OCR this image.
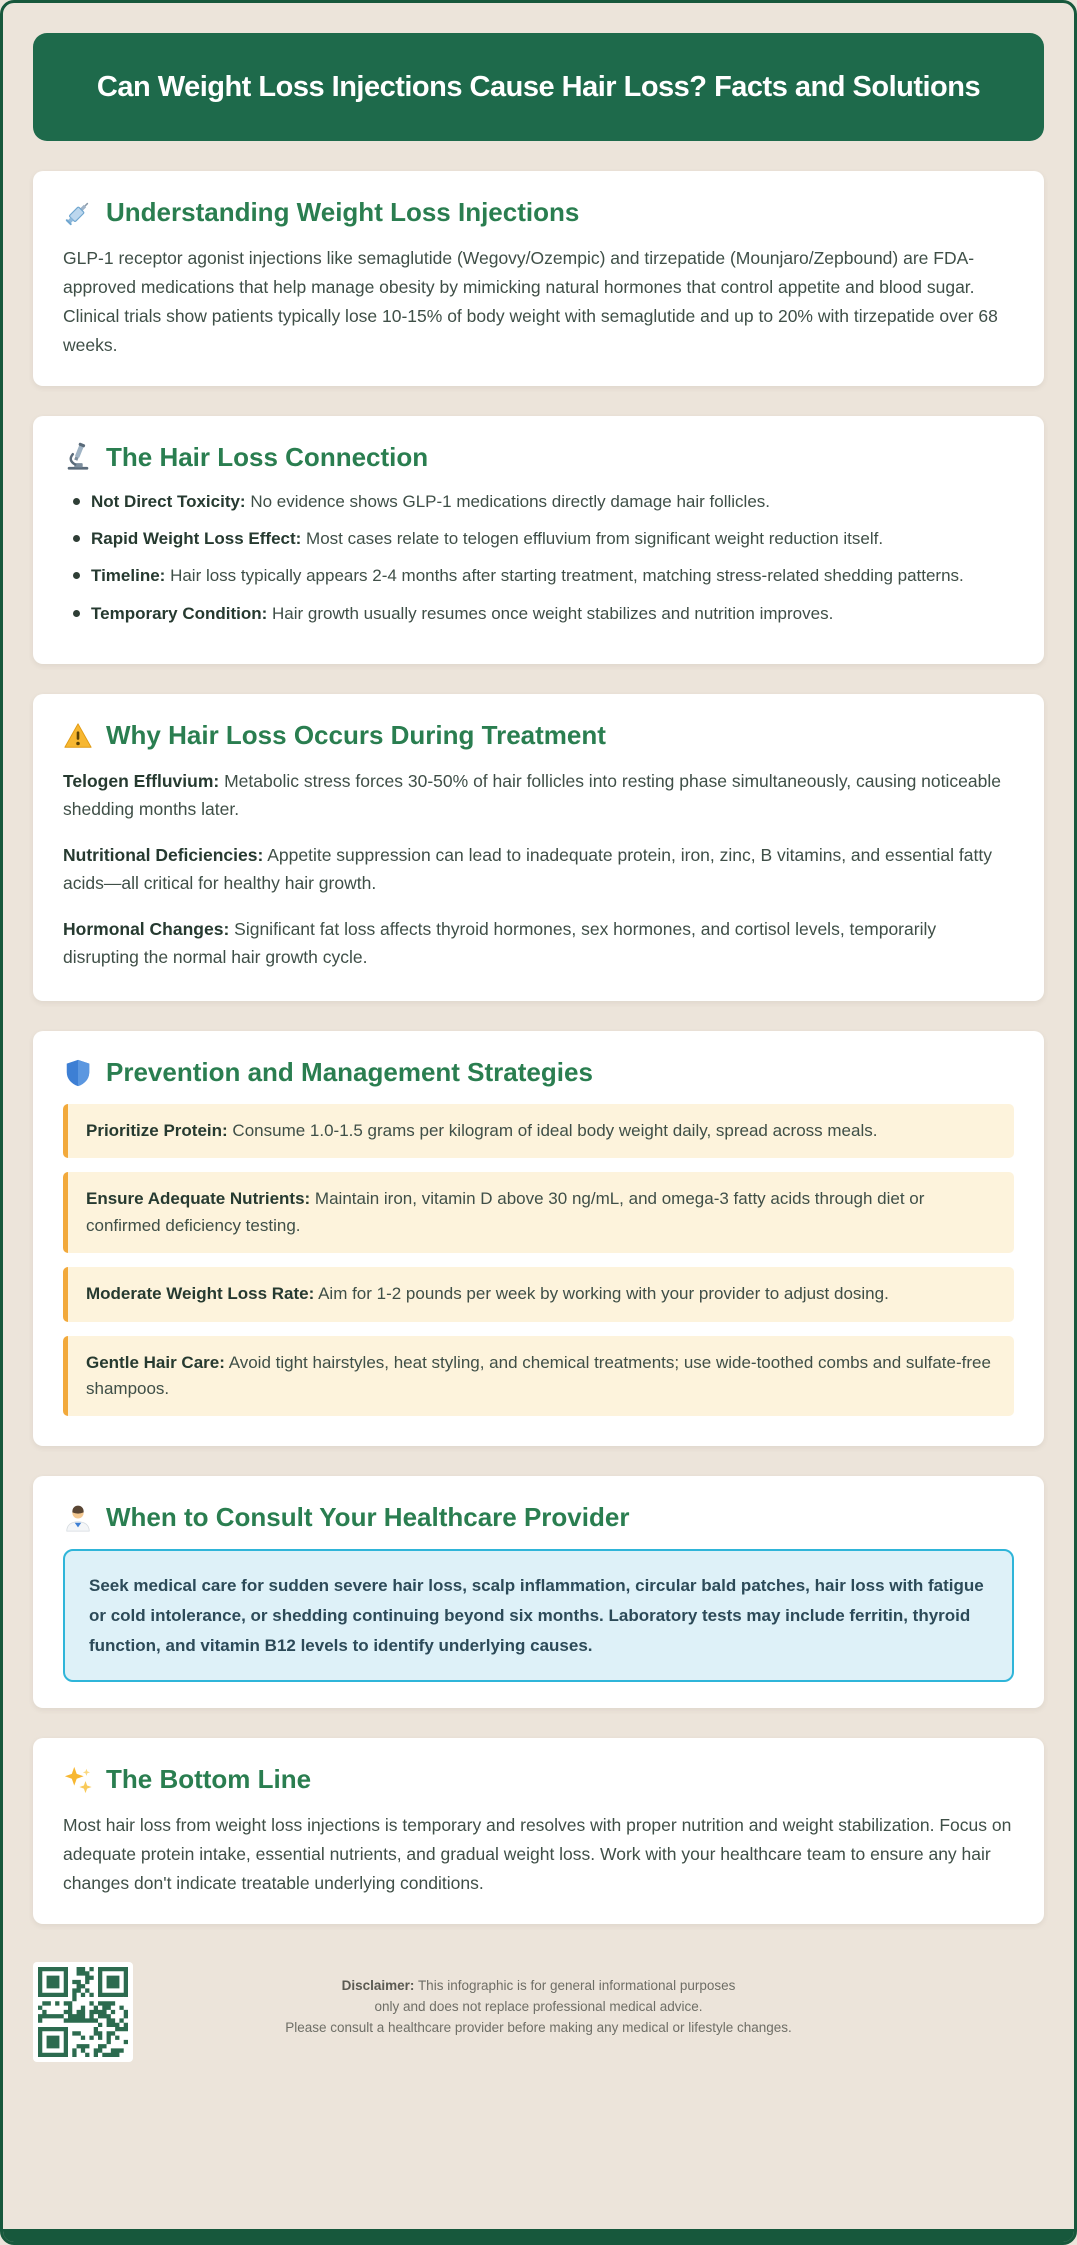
Can Weight Loss Injections Cause Hair Loss? Facts and Solutions
Understanding Weight Loss Injections

GLP-1 receptor agonist injections like semaglutide (Wegovy/Ozempic) and tirzepatide (Mounjaro/Zepbound) are FDA-approved medications that help manage obesity by mimicking natural hormones that control appetite and blood sugar. Clinical trials show patients typically lose 10-15% of body weight with semaglutide and up to 20% with tirzepatide over 68 weeks.

The Hair Loss Connection
Not Direct Toxicity: No evidence shows GLP-1 medications directly damage hair follicles.
Rapid Weight Loss Effect: Most cases relate to telogen effluvium from significant weight reduction itself.
Timeline: Hair loss typically appears 2-4 months after starting treatment, matching stress-related shedding patterns.
Temporary Condition: Hair growth usually resumes once weight stabilizes and nutrition improves.
Why Hair Loss Occurs During Treatment

Telogen Effluvium: Metabolic stress forces 30-50% of hair follicles into resting phase simultaneously, causing noticeable shedding months later.

Nutritional Deficiencies: Appetite suppression can lead to inadequate protein, iron, zinc, B vitamins, and essential fatty acids—all critical for healthy hair growth.

Hormonal Changes: Significant fat loss affects thyroid hormones, sex hormones, and cortisol levels, temporarily disrupting the normal hair growth cycle.

Prevention and Management Strategies
Prioritize Protein: Consume 1.0-1.5 grams per kilogram of ideal body weight daily, spread across meals.
Ensure Adequate Nutrients: Maintain iron, vitamin D above 30 ng/mL, and omega-3 fatty acids through diet or confirmed deficiency testing.
Moderate Weight Loss Rate: Aim for 1-2 pounds per week by working with your provider to adjust dosing.
Gentle Hair Care: Avoid tight hairstyles, heat styling, and chemical treatments; use wide-toothed combs and sulfate-free shampoos.
When to Consult Your Healthcare Provider
Seek medical care for sudden severe hair loss, scalp inflammation, circular bald patches, hair loss with fatigue or cold intolerance, or shedding continuing beyond six months. Laboratory tests may include ferritin, thyroid function, and vitamin B12 levels to identify underlying causes.
The Bottom Line

Most hair loss from weight loss injections is temporary and resolves with proper nutrition and weight stabilization. Focus on adequate protein intake, essential nutrients, and gradual weight loss. Work with your healthcare team to ensure any hair changes don't indicate treatable underlying conditions.

Disclaimer: This infographic is for general informational purposes
only and does not replace professional medical advice.
Please consult a healthcare provider before making any medical or lifestyle changes.
